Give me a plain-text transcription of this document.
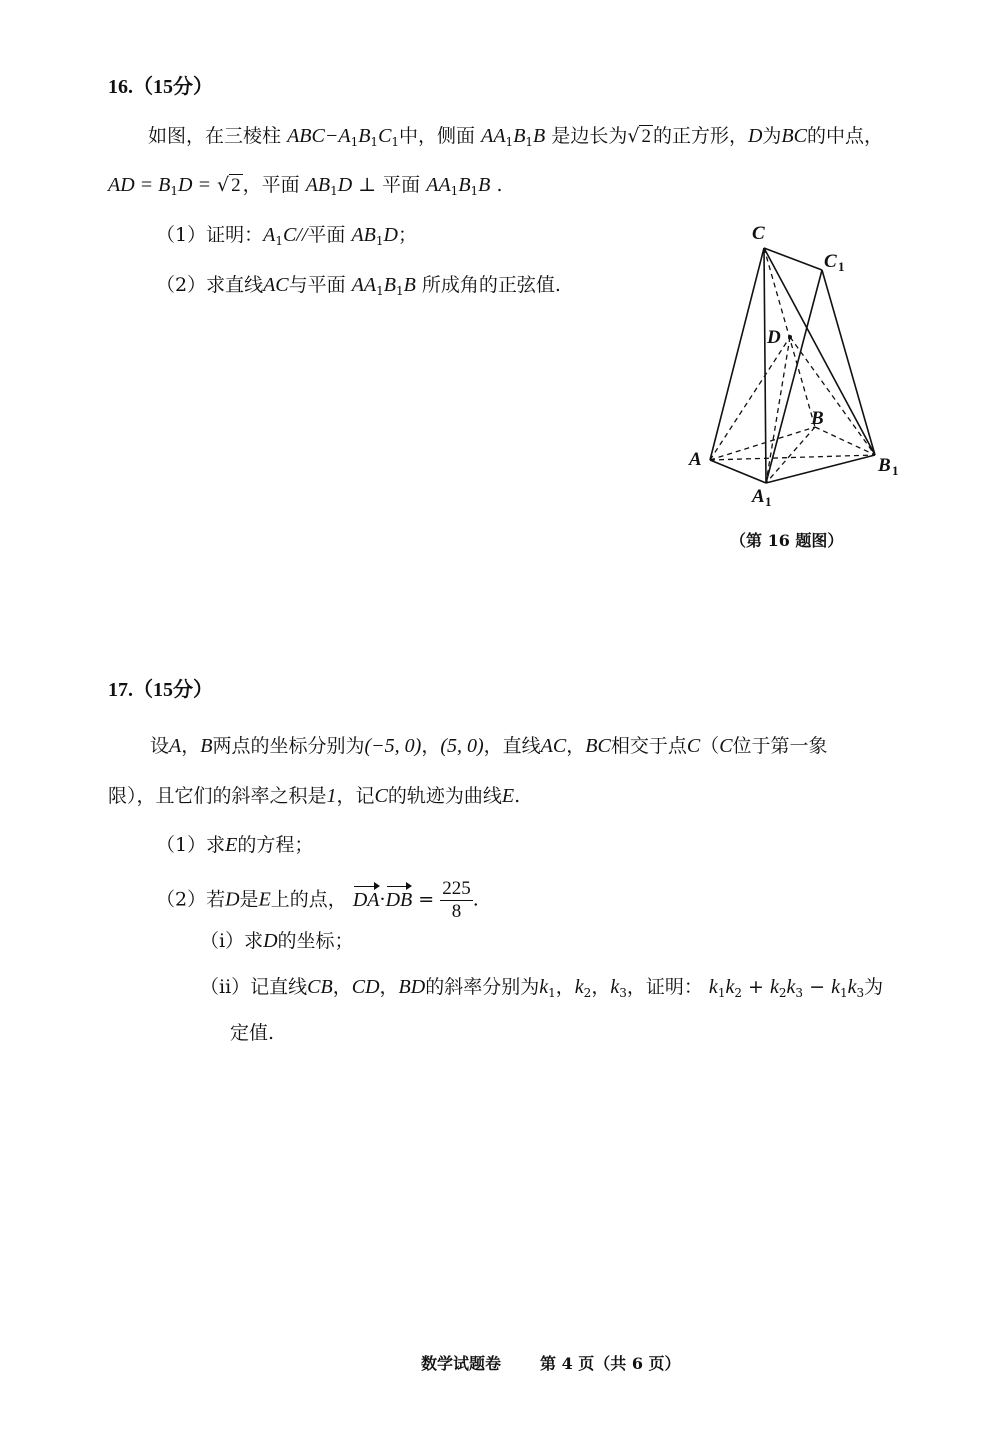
16.（15分）
如图，在三棱柱 $ABC-A_1B_1C_1$中，侧面 $AA_1B_1B$ 是边长为√ 2 的正方形，D为BC的中点，
AD = $B_1D$ = √ 2 ，平面 $AB_1D$ ⊥ 平面 $AA_1B_1B$ .
（1）证明：$A_1C//$平面 $AB_1D$；
（2）求直线AC与平面 $AA_1B_1B$ 所成角的正弦值.
C
C 1
D
B
A
A 1
B 1
（第 16 题图）
17.（15分）
设A，B两点的坐标分别为(−5, 0)，(5, 0)，直线AC，BC相交于点C（C位于第一象
限），且它们的斜率之积是1，记C的轨迹为曲线E.
（1）求E的方程；
（2）若D是E上的点， $DA\cdot DB = \frac{225}{8}$ .
（i）求D的坐标；
（ii）记直线CB，CD，BD的斜率分别为$k_1$，$k_2$，$k_3$，证明： $k_1k_2 + k_2k_3 - k_1k_3$为
定值.
数学试题卷 第 4 页（共 6 页）
